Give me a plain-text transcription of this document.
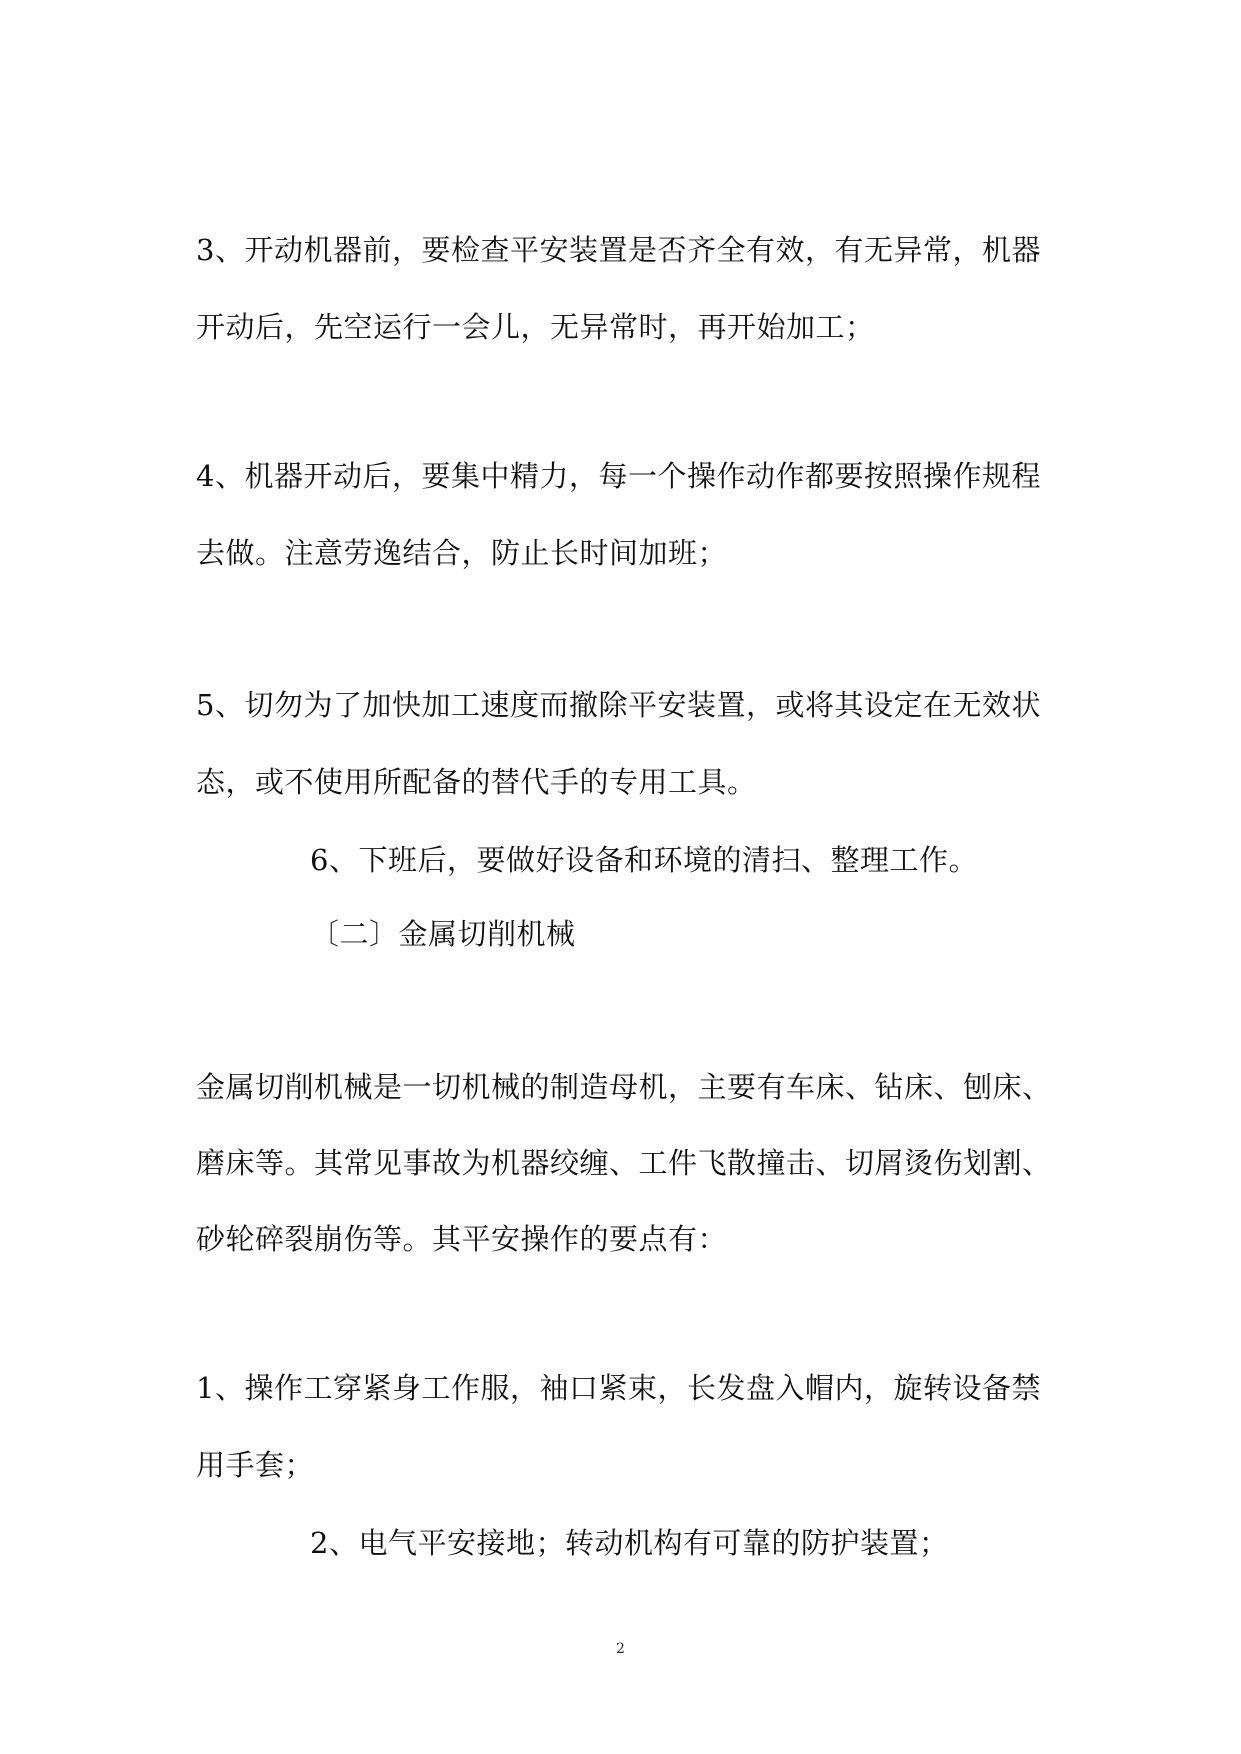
3、开动机器前，要检查平安装置是否齐全有效，有无异常，机器
开动后，先空运行一会儿，无异常时，再开始加工；
4、机器开动后，要集中精力，每一个操作动作都要按照操作规程
去做。注意劳逸结合，防止长时间加班；
5、切勿为了加快加工速度而撤除平安装置，或将其设定在无效状
态，或不使用所配备的替代手的专用工具。
6、下班后，要做好设备和环境的清扫、整理工作。
〔二〕金属切削机械
金属切削机械是一切机械的制造母机，主要有车床、钻床、刨床、
磨床等。其常见事故为机器绞缠、工件飞散撞击、切屑烫伤划割、
砂轮碎裂崩伤等。其平安操作的要点有：
1、操作工穿紧身工作服，袖口紧束，长发盘入帽内，旋转设备禁
用手套；
2、电气平安接地；转动机构有可靠的防护装置；
2
